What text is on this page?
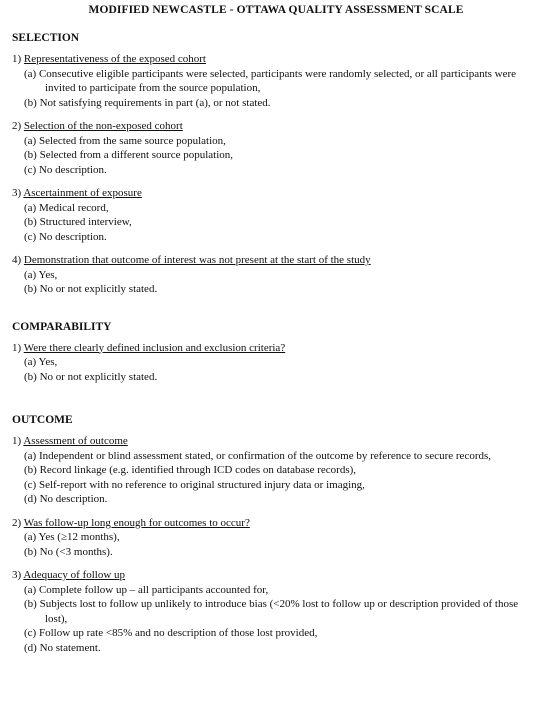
MODIFIED NEWCASTLE - OTTAWA QUALITY ASSESSMENT SCALE
SELECTION

1) Representativeness of the exposed cohort

(a) Consecutive eligible participants were selected, participants were randomly selected, or all participants were invited to participate from the source population,

(b) Not satisfying requirements in part (a), or not stated.

2) Selection of the non-exposed cohort

(a) Selected from the same source population,

(b) Selected from a different source population,

(c) No description.

3) Ascertainment of exposure

(a) Medical record,

(b) Structured interview,

(c) No description.

4) Demonstration that outcome of interest was not present at the start of the study

(a) Yes,

(b) No or not explicitly stated.

COMPARABILITY

1) Were there clearly defined inclusion and exclusion criteria?

(a) Yes,

(b) No or not explicitly stated.

OUTCOME

1) Assessment of outcome

(a) Independent or blind assessment stated, or confirmation of the outcome by reference to secure records,

(b) Record linkage (e.g. identified through ICD codes on database records),

(c) Self-report with no reference to original structured injury data or imaging,

(d) No description.

2) Was follow-up long enough for outcomes to occur?

(a) Yes (≥12 months),

(b) No (<3 months).

3) Adequacy of follow up

(a) Complete follow up – all participants accounted for,

(b) Subjects lost to follow up unlikely to introduce bias (<20% lost to follow up or description provided of those lost),

(c) Follow up rate <85% and no description of those lost provided,

(d) No statement.
